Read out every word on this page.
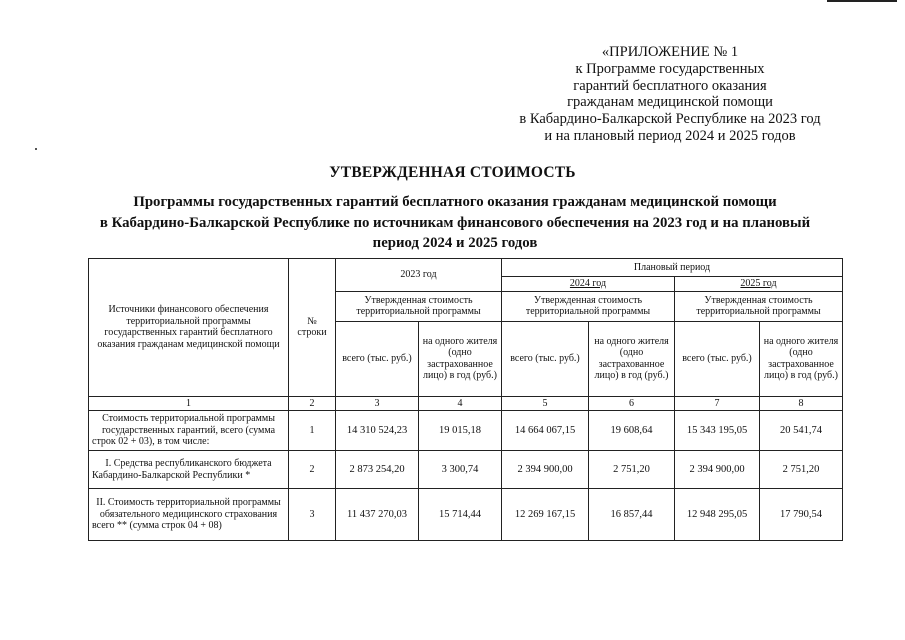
«ПРИЛОЖЕНИЕ № 1
к Программе государственных
гарантий бесплатного оказания
гражданам медицинской помощи
в Кабардино-Балкарской Республике на 2023 год
и на плановый период 2024 и 2025 годов
УТВЕРЖДЕННАЯ СТОИМОСТЬ
Программы государственных гарантий бесплатного оказания гражданам медицинской помощи
в Кабардино-Балкарской Республике по источникам финансового обеспечения на 2023 год и на плановый
период 2024 и 2025 годов
Источники финансового обеспечения территориальной программы государственных гарантий бесплатного оказания гражданам медицинской помощи	№ строки	2023 год		Плановый период			
				2024 год		2025 год	
		Утвержденная стоимость территориальной программы		Утвержденная стоимость территориальной программы		Утвержденная стоимость территориальной программы	
		всего (тыс. руб.)	на одного жителя (одно застрахованное лицо) в год (руб.)	всего (тыс. руб.)	на одного жителя (одно застрахованное лицо) в год (руб.)	всего (тыс. руб.)	на одного жителя (одно застрахованное лицо) в год (руб.)
1	2	3	4	5	6	7	8
Стоимость территориальной программы государственных гарантий, всего (сумма строк 02 + 03), в том числе:	1	14 310 524,23	19 015,18	14 664 067,15	19 608,64	15 343 195,05	20 541,74
I. Средства республиканского бюджета Кабардино-Балкарской Республики *	2	2 873 254,20	3 300,74	2 394 900,00	2 751,20	2 394 900,00	2 751,20
II. Стоимость территориальной программы обязательного медицинского страхования всего ** (сумма строк 04 + 08)	3	11 437 270,03	15 714,44	12 269 167,15	16 857,44	12 948 295,05	17 790,54
